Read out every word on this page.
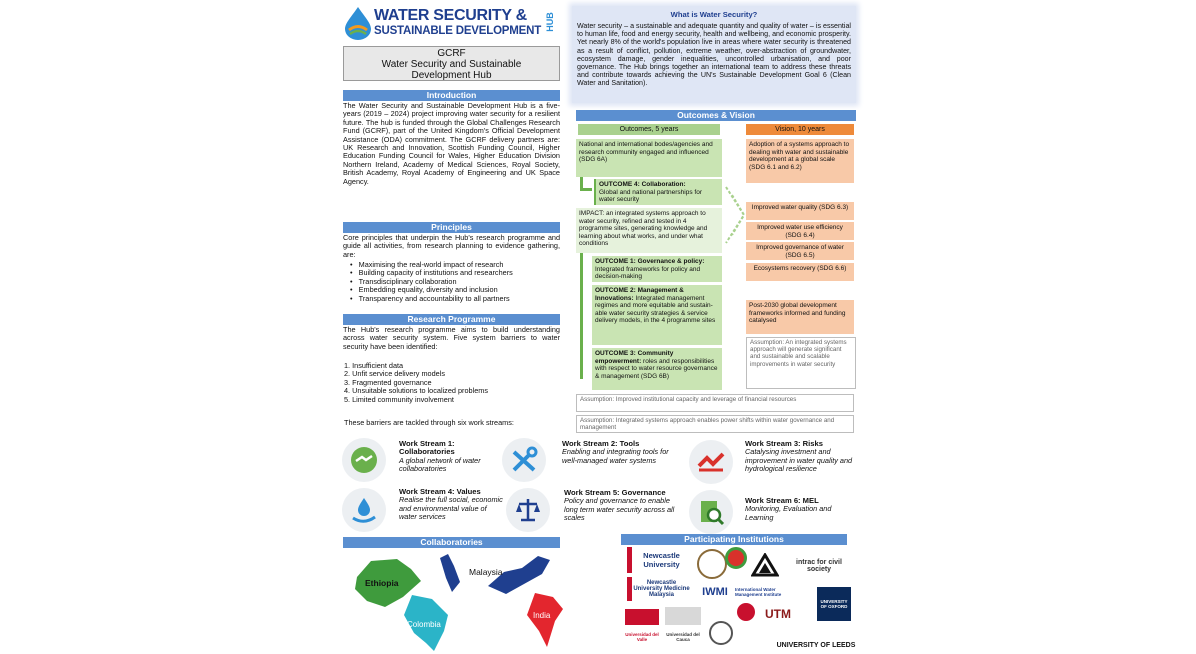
WATER SECURITY &
SUSTAINABLE DEVELOPMENT HUB
GCRF
Water Security and Sustainable
Development Hub
What is Water Security?
Water security – a sustainable and adequate quantity and quality of water – is essential to human life, food and energy security, health and wellbeing, and economic prosperity. Yet nearly 8% of the world's population live in areas where water security is threatened as a result of conflict, pollution, extreme weather, over-abstraction of groundwater, ecosystem damage, gender inequalities, uncontrolled urbanisation, and poor governance. The Hub brings together an international team to address these threats and contribute towards achieving the UN's Sustainable Development Goal 6 (Clean Water and Sanitation).
Introduction
The Water Security and Sustainable Development Hub is a five-years (2019 – 2024) project improving water security for a resilient future. The hub is funded through the Global Challenges Research Fund (GCRF), part of the United Kingdom's Official Development Assistance (ODA) commitment. The GCRF delivery partners are: UK Research and Innovation, Scottish Funding Council, Higher Education Funding Council for Wales, Higher Education Division Northern Ireland, Academy of Medical Sciences, Royal Society, British Academy, Royal Academy of Engineering and UK Space Agency.
Principles
Core principles that underpin the Hub's research programme and guide all activities, from research planning to evidence gathering, are:
•   Maximising the real-world impact of research
•   Building capacity of institutions and researchers
•   Transdisciplinary collaboration
•   Embedding equality, diversity and inclusion
•   Transparency and accountability to all partners
Research Programme
The Hub's research programme aims to build understanding across water security system. Five system barriers to water security have been identified:
1. Insufficient data
2. Unfit service delivery models
3. Fragmented governance
4. Unsuitable solutions to localized problems
5. Limited community involvement
These barriers are tackled through six work streams:
Outcomes & Vision
Outcomes, 5 years	Vision, 10 years
National and international bodes/agencies and research community engaged and influenced (SDG 6A)
OUTCOME 4: Collaboration:
Global and national partnerships for water security
IMPACT: an integrated systems approach to water security, refined and tested in 4 programme sites, generating knowledge and learning about what works, and under what conditions
OUTCOME 1: Governance & policy: Integrated frameworks for policy and decision-making
OUTCOME 2: Management & Innovations: Integrated management regimes and more equitable and sustain-able water security strategies & service delivery models, in the 4 programme sites
OUTCOME 3: Community empowerment: roles and responsibilities with respect to water resource governance & management (SDG 6B)
Adoption of a systems approach to dealing with water and sustainable development at a global scale (SDG 6.1 and 6.2)
Improved water quality (SDG 6.3)
Improved water use efficiency (SDG 6.4)
Improved governance of water (SDG 6.5)
Ecosystems recovery (SDG 6.6)
Post-2030 global development frameworks informed and funding catalysed
Assumption: An integrated systems approach will generate significant and sustainable and scalable improvements in water security
Assumption: Improved institutional capacity and leverage of financial resources
Assumption: Integrated systems approach enables power shifts within water governance and management
Work Stream 1: Collaboratories
A global network of water collaboratories
Work Stream 2: Tools
Enabling and integrating tools for well-managed water systems
Work Stream 3: Risks
Catalysing investment and improvement in water quality and hydrological resilience
Work Stream 4: Values
Realise the full social, economic and environmental value of water services
Work Stream 5: Governance
Policy and governance to enable long term water security across all scales
Work Stream 6: MEL
Monitoring, Evaluation and Learning
Collaboratories
Ethiopia
Malaysia
Colombia
India
Participating Institutions
Newcastle University
Newcastle University Medicine Malaysia
intrac for civil society
IWMI	International Water Management Institute
UTM
UNIVERSITY OF OXFORD
Universidad del Valle
Universidad del Cauca
UNIVERSITY OF LEEDS
